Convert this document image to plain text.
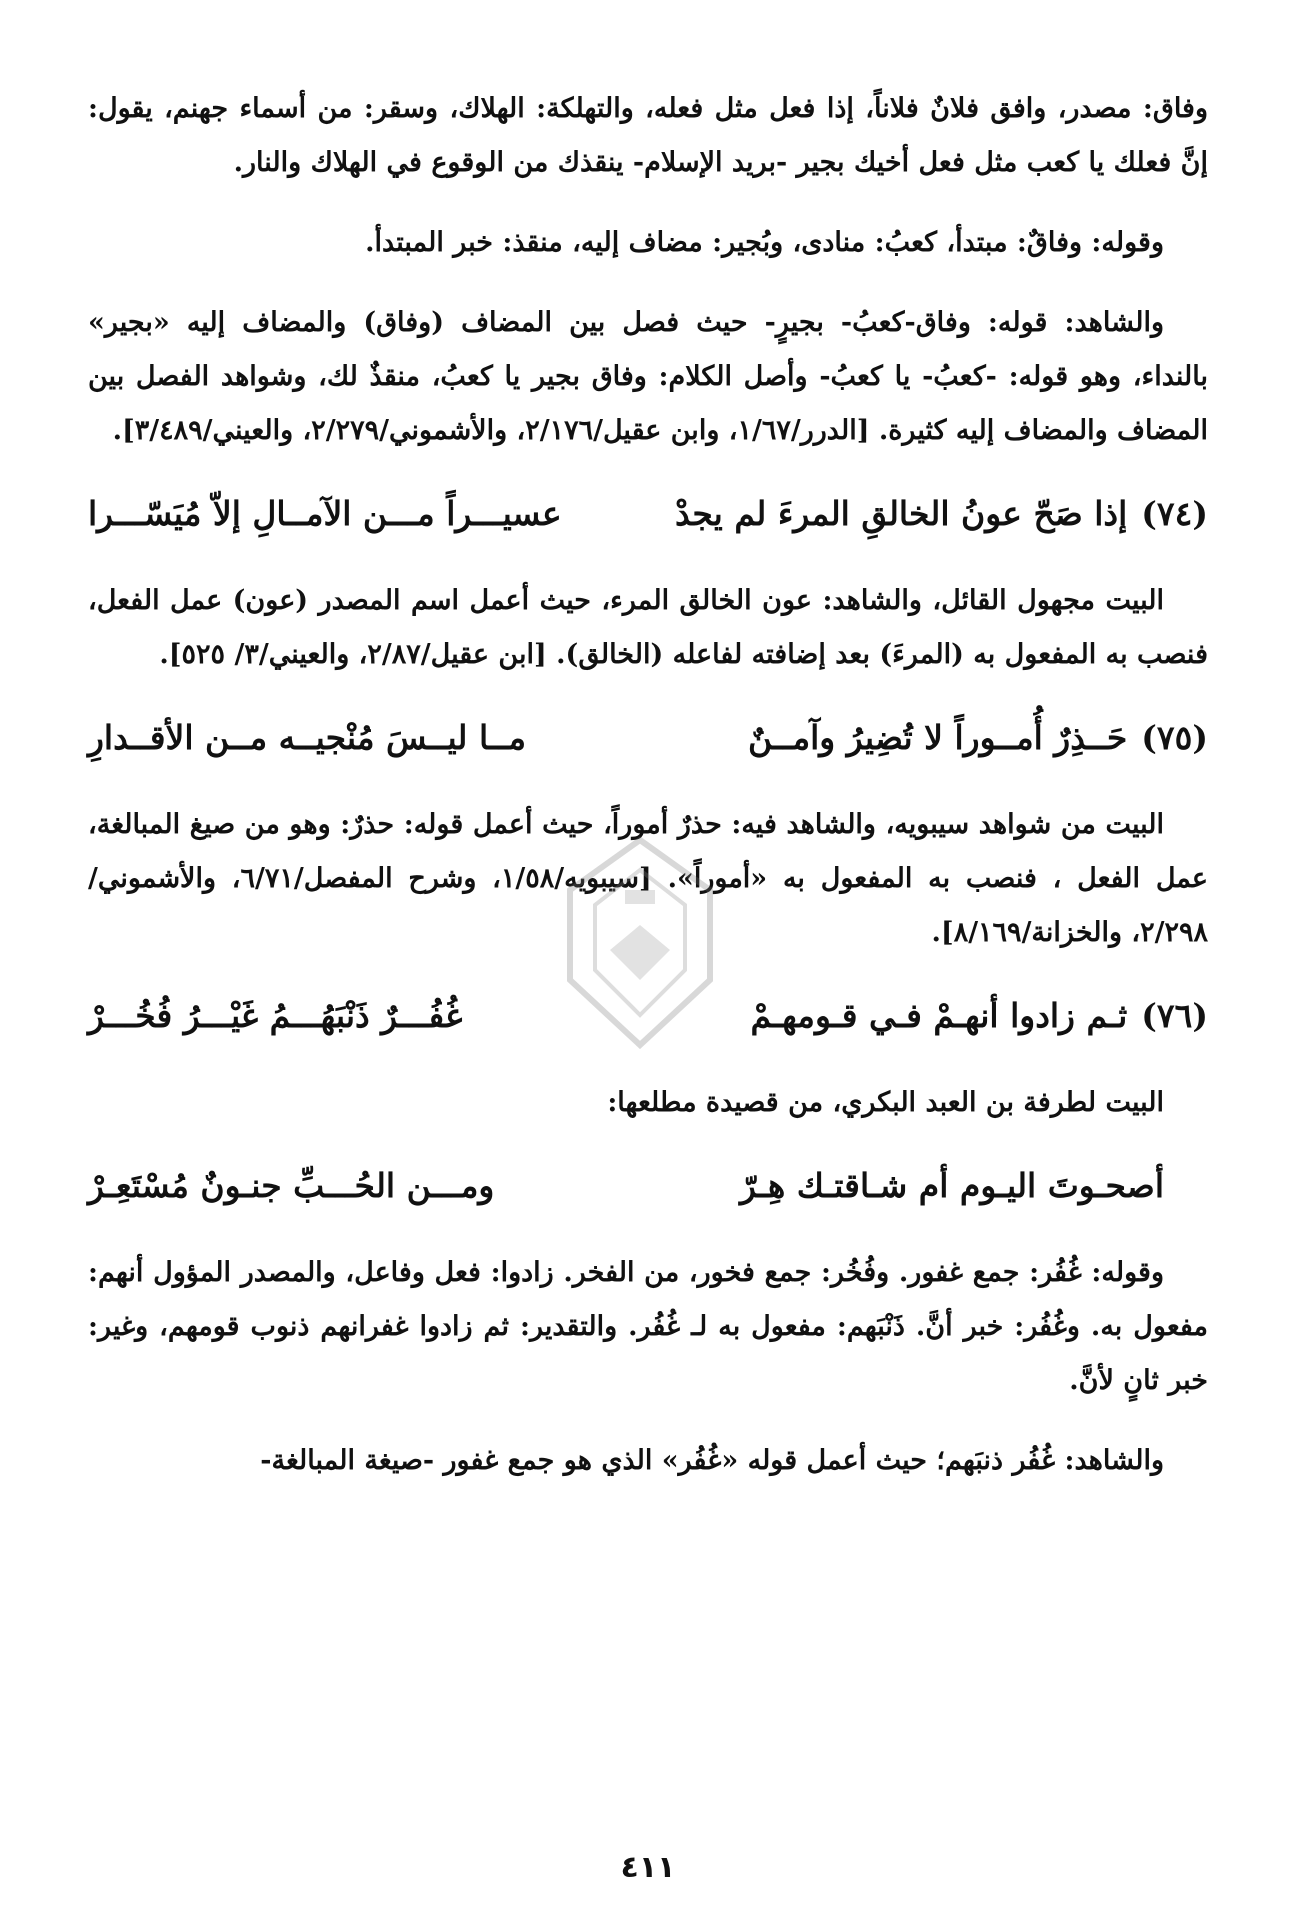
وفاق: مصدر، وافق فلانٌ فلاناً، إذا فعل مثل فعله، والتهلكة: الهلاك، وسقر: من أسماء جهنم، يقول: إنَّ فعلك يا كعب مثل فعل أخيك بجير -بريد الإسلام- ينقذك من الوقوع في الهلاك والنار.

وقوله: وفاقٌ: مبتدأ، كعبُ: منادى، وبُجير: مضاف إليه، منقذ: خبر المبتدأ.

والشاهد: قوله: وفاق-كعبُ- بجيرٍ- حيث فصل بين المضاف (وفاق) والمضاف إليه «بجير» بالنداء، وهو قوله: -كعبُ- يا كعبُ- وأصل الكلام: وفاق بجير يا كعبُ، منقذٌ لك، وشواهد الفصل بين المضاف والمضاف إليه كثيرة. [الدرر/١/٦٧، وابن عقيل/٢/١٧٦، والأشموني/٢/٢٧٩، والعيني/٣/٤٨٩].

(٧٤)
إذا صَحّ عونُ الخالقِ المرءَ لم يجدْ
عسيـــراً مـــن الآمــالِ إلاّ مُيَسّـــرا

البيت مجهول القائل، والشاهد: عون الخالق المرء، حيث أعمل اسم المصدر (عون) عمل الفعل، فنصب به المفعول به (المرءَ) بعد إضافته لفاعله (الخالق). [ابن عقيل/٢/٨٧، والعيني/٣/ ٥٢٥].

(٧٥)
حَــذِرٌ أُمــوراً لا تُضِيرُ وآمــنٌ
مــا ليــسَ مُنْجيــه مــن الأقــدارِ

البيت من شواهد سيبويه، والشاهد فيه: حذرٌ أموراً، حيث أعمل قوله: حذرٌ: وهو من صيغ المبالغة، عمل الفعل ، فنصب به المفعول به «أموراً». [سيبويه/١/٥٨، وشرح المفصل/٦/٧١، والأشموني/٢/٢٩٨، والخزانة/٨/١٦٩].

(٧٦)
ثـم زادوا أنهـمْ فـي قـومهـمْ
غُفُـــرٌ ذَنْبَهُـــمُ غَيْـــرُ فُخُـــرْ

البيت لطرفة بن العبد البكري، من قصيدة مطلعها:

أصحـوتَ اليـوم أم شـاقتـك هِـرّ
ومـــن الحُـــبِّ جنـونٌ مُسْتَعِـرْ

وقوله: غُفُر: جمع غفور. وفُخُر: جمع فخور، من الفخر. زادوا: فعل وفاعل، والمصدر المؤول أنهم: مفعول به. وغُفُر: خبر أنَّ. ذَنْبَهم: مفعول به لـ غُفُر. والتقدير: ثم زادوا غفرانهم ذنوب قومهم، وغير: خبر ثانٍ لأنَّ.

والشاهد: غُفُر ذنبَهم؛ حيث أعمل قوله «غُفُر» الذي هو جمع غفور -صيغة المبالغة-

٤١١
